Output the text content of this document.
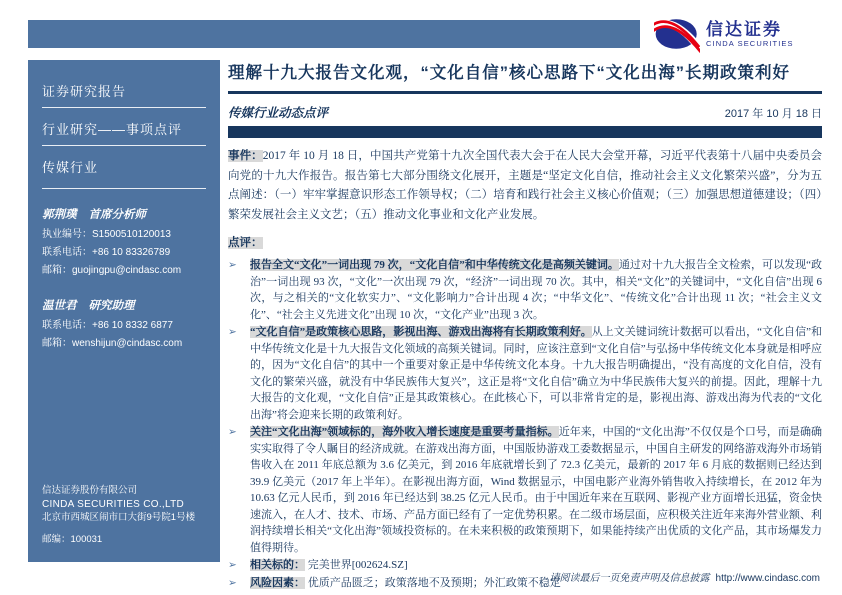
信达证券
CINDA SECURITIES
证券研究报告
行业研究——事项点评
传媒行业
郭荆璞 首席分析师
执业编号：S1500510120013
联系电话：+86 10 83326789
邮箱：guojingpu@cindasc.com
温世君 研究助理
联系电话：+86 10 8332 6877
邮箱：wenshijun@cindasc.com
信达证券股份有限公司
CINDA SECURITIES CO.,LTD
北京市西城区闹市口大街9号院1号楼
邮编：100031
理解十九大报告文化观，“文化自信”核心思路下“文化出海”长期政策利好
传媒行业动态点评	2017 年 10 月 18 日

事件：2017 年 10 月 18 日，中国共产党第十九次全国代表大会于在人民大会堂开幕，习近平代表第十八届中央委员会向党的十九大作报告。报告第七大部分围绕文化展开，主题是“坚定文化自信，推动社会主义文化繁荣兴盛”，分为五点阐述：（一）牢牢掌握意识形态工作领导权；（二）培育和践行社会主义核心价值观；（三）加强思想道德建设；（四）繁荣发展社会主义文艺；（五）推动文化事业和文化产业发展。

点评：

➢	报告全文“文化”一词出现 79 次，“文化自信”和中华传统文化是高频关键词。通过对十九大报告全文检索，可以发现“政治”一词出现 93 次，“文化”一次出现 79 次，“经济”一词出现 70 次。其中，相关“文化”的关键词中，“文化自信”出现 6 次，与之相关的“文化软实力”、“文化影响力”合计出现 4 次；“中华文化”、“传统文化”合计出现 11 次；“社会主义文化”、“社会主义先进文化”出现 10 次，“文化产业”出现 3 次。

➢	“文化自信”是政策核心思路，影视出海、游戏出海将有长期政策利好。从上文关键词统计数据可以看出，“文化自信”和中华传统文化是十九大报告文化领域的高频关键词。同时，应该注意到“文化自信”与弘扬中华传统文化本身就是相呼应的，因为“文化自信”的其中一个重要对象正是中华传统文化本身。十九大报告明确提出，“没有高度的文化自信，没有文化的繁荣兴盛，就没有中华民族伟大复兴”，这正是将“文化自信”确立为中华民族伟大复兴的前提。因此，理解十九大报告的文化观，“文化自信”正是其政策核心。在此核心下，可以非常肯定的是，影视出海、游戏出海为代表的“文化出海”将会迎来长期的政策利好。

➢	关注“文化出海”领域标的，海外收入增长速度是重要考量指标。近年来，中国的“文化出海”不仅仅是个口号，而是确确实实取得了令人瞩目的经济成就。在游戏出海方面，中国版协游戏工委数据显示，中国自主研发的网络游戏海外市场销售收入在 2011 年底总额为 3.6 亿美元，到 2016 年底就增长到了 72.3 亿美元，最新的 2017 年 6 月底的数据则已经达到 39.9 亿美元（2017 年上半年）。在影视出海方面，Wind 数据显示，中国电影产业海外销售收入持续增长，在 2012 年为 10.63 亿元人民币，到 2016 年已经达到 38.25 亿元人民币。由于中国近年来在互联网、影视产业方面增长迅猛，资金快速流入，在人才、技术、市场、产品方面已经有了一定优势积累。在二级市场层面，应积极关注近年来海外营业额、利润持续增长相关“文化出海”领域投资标的。在未来积极的政策预期下，如果能持续产出优质的文化产品，其市场爆发力值得期待。

➢	相关标的： 完美世界[002624.SZ]

➢	风险因素： 优质产品匮乏；政策落地不及预期；外汇政策不稳定

请阅读最后一页免责声明及信息披露 http://www.cindasc.com
